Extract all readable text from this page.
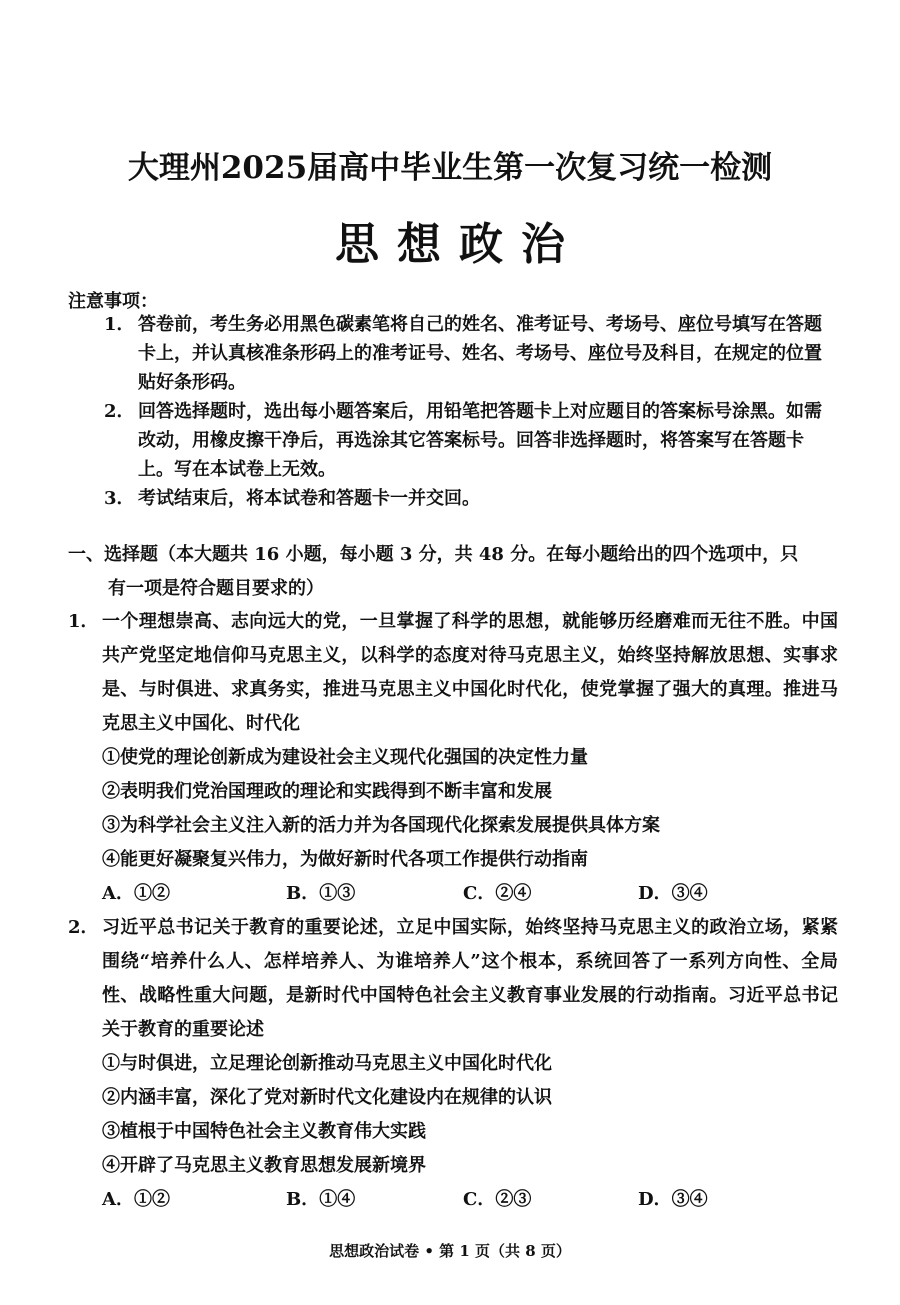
大理州2025届高中毕业生第一次复习统一检测
思想政治
注意事项：
1． 答卷前，考生务必用黑色碳素笔将自己的姓名、准考证号、考场号、座位号填写在答题卡上，并认真核准条形码上的准考证号、姓名、考场号、座位号及科目，在规定的位置贴好条形码。
2． 回答选择题时，选出每小题答案后，用铅笔把答题卡上对应题目的答案标号涂黑。如需改动，用橡皮擦干净后，再选涂其它答案标号。回答非选择题时，将答案写在答题卡上。写在本试卷上无效。
3． 考试结束后，将本试卷和答题卡一并交回。
一、选择题（本大题共 16 小题，每小题 3 分，共 48 分。在每小题给出的四个选项中，只
有一项是符合题目要求的）
1． 一个理想崇高、志向远大的党，一旦掌握了科学的思想，就能够历经磨难而无往不胜。中国共产党坚定地信仰马克思主义，以科学的态度对待马克思主义，始终坚持解放思想、实事求是、与时俱进、求真务实，推进马克思主义中国化时代化，使党掌握了强大的真理。推进马克思主义中国化、时代化
①使党的理论创新成为建设社会主义现代化强国的决定性力量
②表明我们党治国理政的理论和实践得到不断丰富和发展
③为科学社会主义注入新的活力并为各国现代化探索发展提供具体方案
④能更好凝聚复兴伟力，为做好新时代各项工作提供行动指南
A．①②	B．①③	C．②④	D．③④
2． 习近平总书记关于教育的重要论述，立足中国实际，始终坚持马克思主义的政治立场，紧紧围绕“培养什么人、怎样培养人、为谁培养人”这个根本，系统回答了一系列方向性、全局性、战略性重大问题，是新时代中国特色社会主义教育事业发展的行动指南。习近平总书记关于教育的重要论述
①与时俱进，立足理论创新推动马克思主义中国化时代化
②内涵丰富，深化了党对新时代文化建设内在规律的认识
③植根于中国特色社会主义教育伟大实践
④开辟了马克思主义教育思想发展新境界
A．①②	B．①④	C．②③	D．③④
思想政治试卷 • 第 1 页（共 8 页）
